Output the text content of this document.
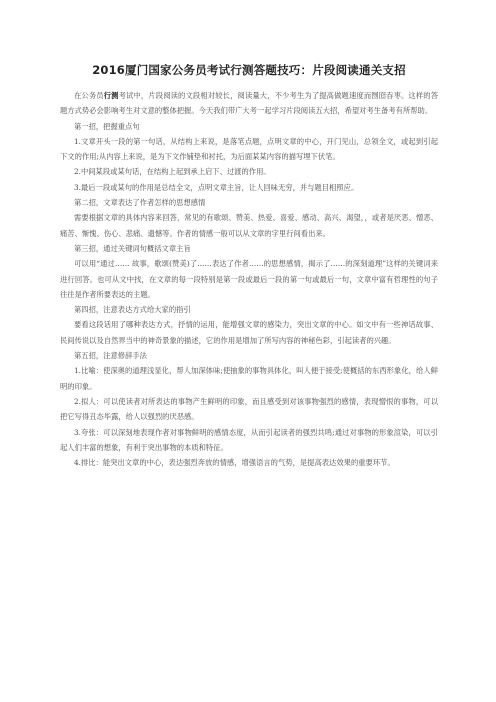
2016厦门国家公务员考试行测答题技巧：片段阅读通关支招

在公务员行测考试中，片段阅读的文段相对较长，阅读量大，不少考生为了提高做题速度而囫囵吞枣。这样的答题方式势必会影响考生对文意的整体把握。今天我们带广大考一起学习片段阅读五大招，希望对考生备考有所帮助。

第一招，把握重点句

1.文章开头一段的第一句话，从结构上来说，是落笔点题，点明文章的中心，开门见山，总领全文，或起到引起下文的作用;从内容上来说，是为下文作铺垫和衬托，为后面某某内容的描写埋下伏笔。

2.中间某段或某句话，在结构上起到承上启下、过渡的作用。

3.最后一段或某句的作用是总结全文，点明文章主旨，让人回味无穷，并与题目相照应。

第二招，文章表达了作者怎样的思想感情

需要根据文章的具体内容来回答，常见的有歌颂、赞美、热爱、喜爱、感动、高兴、渴望，，或者是厌恶、憎恶、痛苦、惭愧、伤心、悲痛、遗憾等。作者的情感一般可以从文章的字里行间看出来。

第三招，通过关键词句概括文章主旨

可以用“通过…… 故事，歌颂(赞美)了……表达了作者……的思想感情，揭示了……的深刻道理”这样的关键词来进行回答。也可从文中找，在文章的每一段特别是第一段或最后一段的第一句或最后一句，文章中富有哲理性的句子往往是作者所要表达的主题。

第四招，注意表达方式给大家的指引

要看这段话用了哪种表达方式，抒情的运用，能增强文章的感染力，突出文章的中心。如文中有一些神话故事、民间传说以及自然界当中的神奇景象的描述，它的作用是增加了所写内容的神秘色彩，引起读者的兴趣。

第五招，注意修辞手法

1.比喻：使深奥的道理浅显化，帮人加深体味;使抽象的事物具体化，叫人便于接受;使概括的东西形象化，给人鲜明的印象。

2.拟人：可以使读者对所表达的事物产生鲜明的印象，而且感受到对该事物强烈的感情，表现憎恨的事物，可以把它写得丑态毕露，给人以强烈的厌恶感。

3.夸张：可以深刻地表现作者对事物鲜明的感情态度，从而引起读者的强烈共鸣;通过对事物的形象渲染，可以引起人们丰富的想象，有利于突出事物的本质和特征。

4.排比：能突出文章的中心，表达强烈奔放的情感，增强语言的气势，是提高表达效果的重要环节。
